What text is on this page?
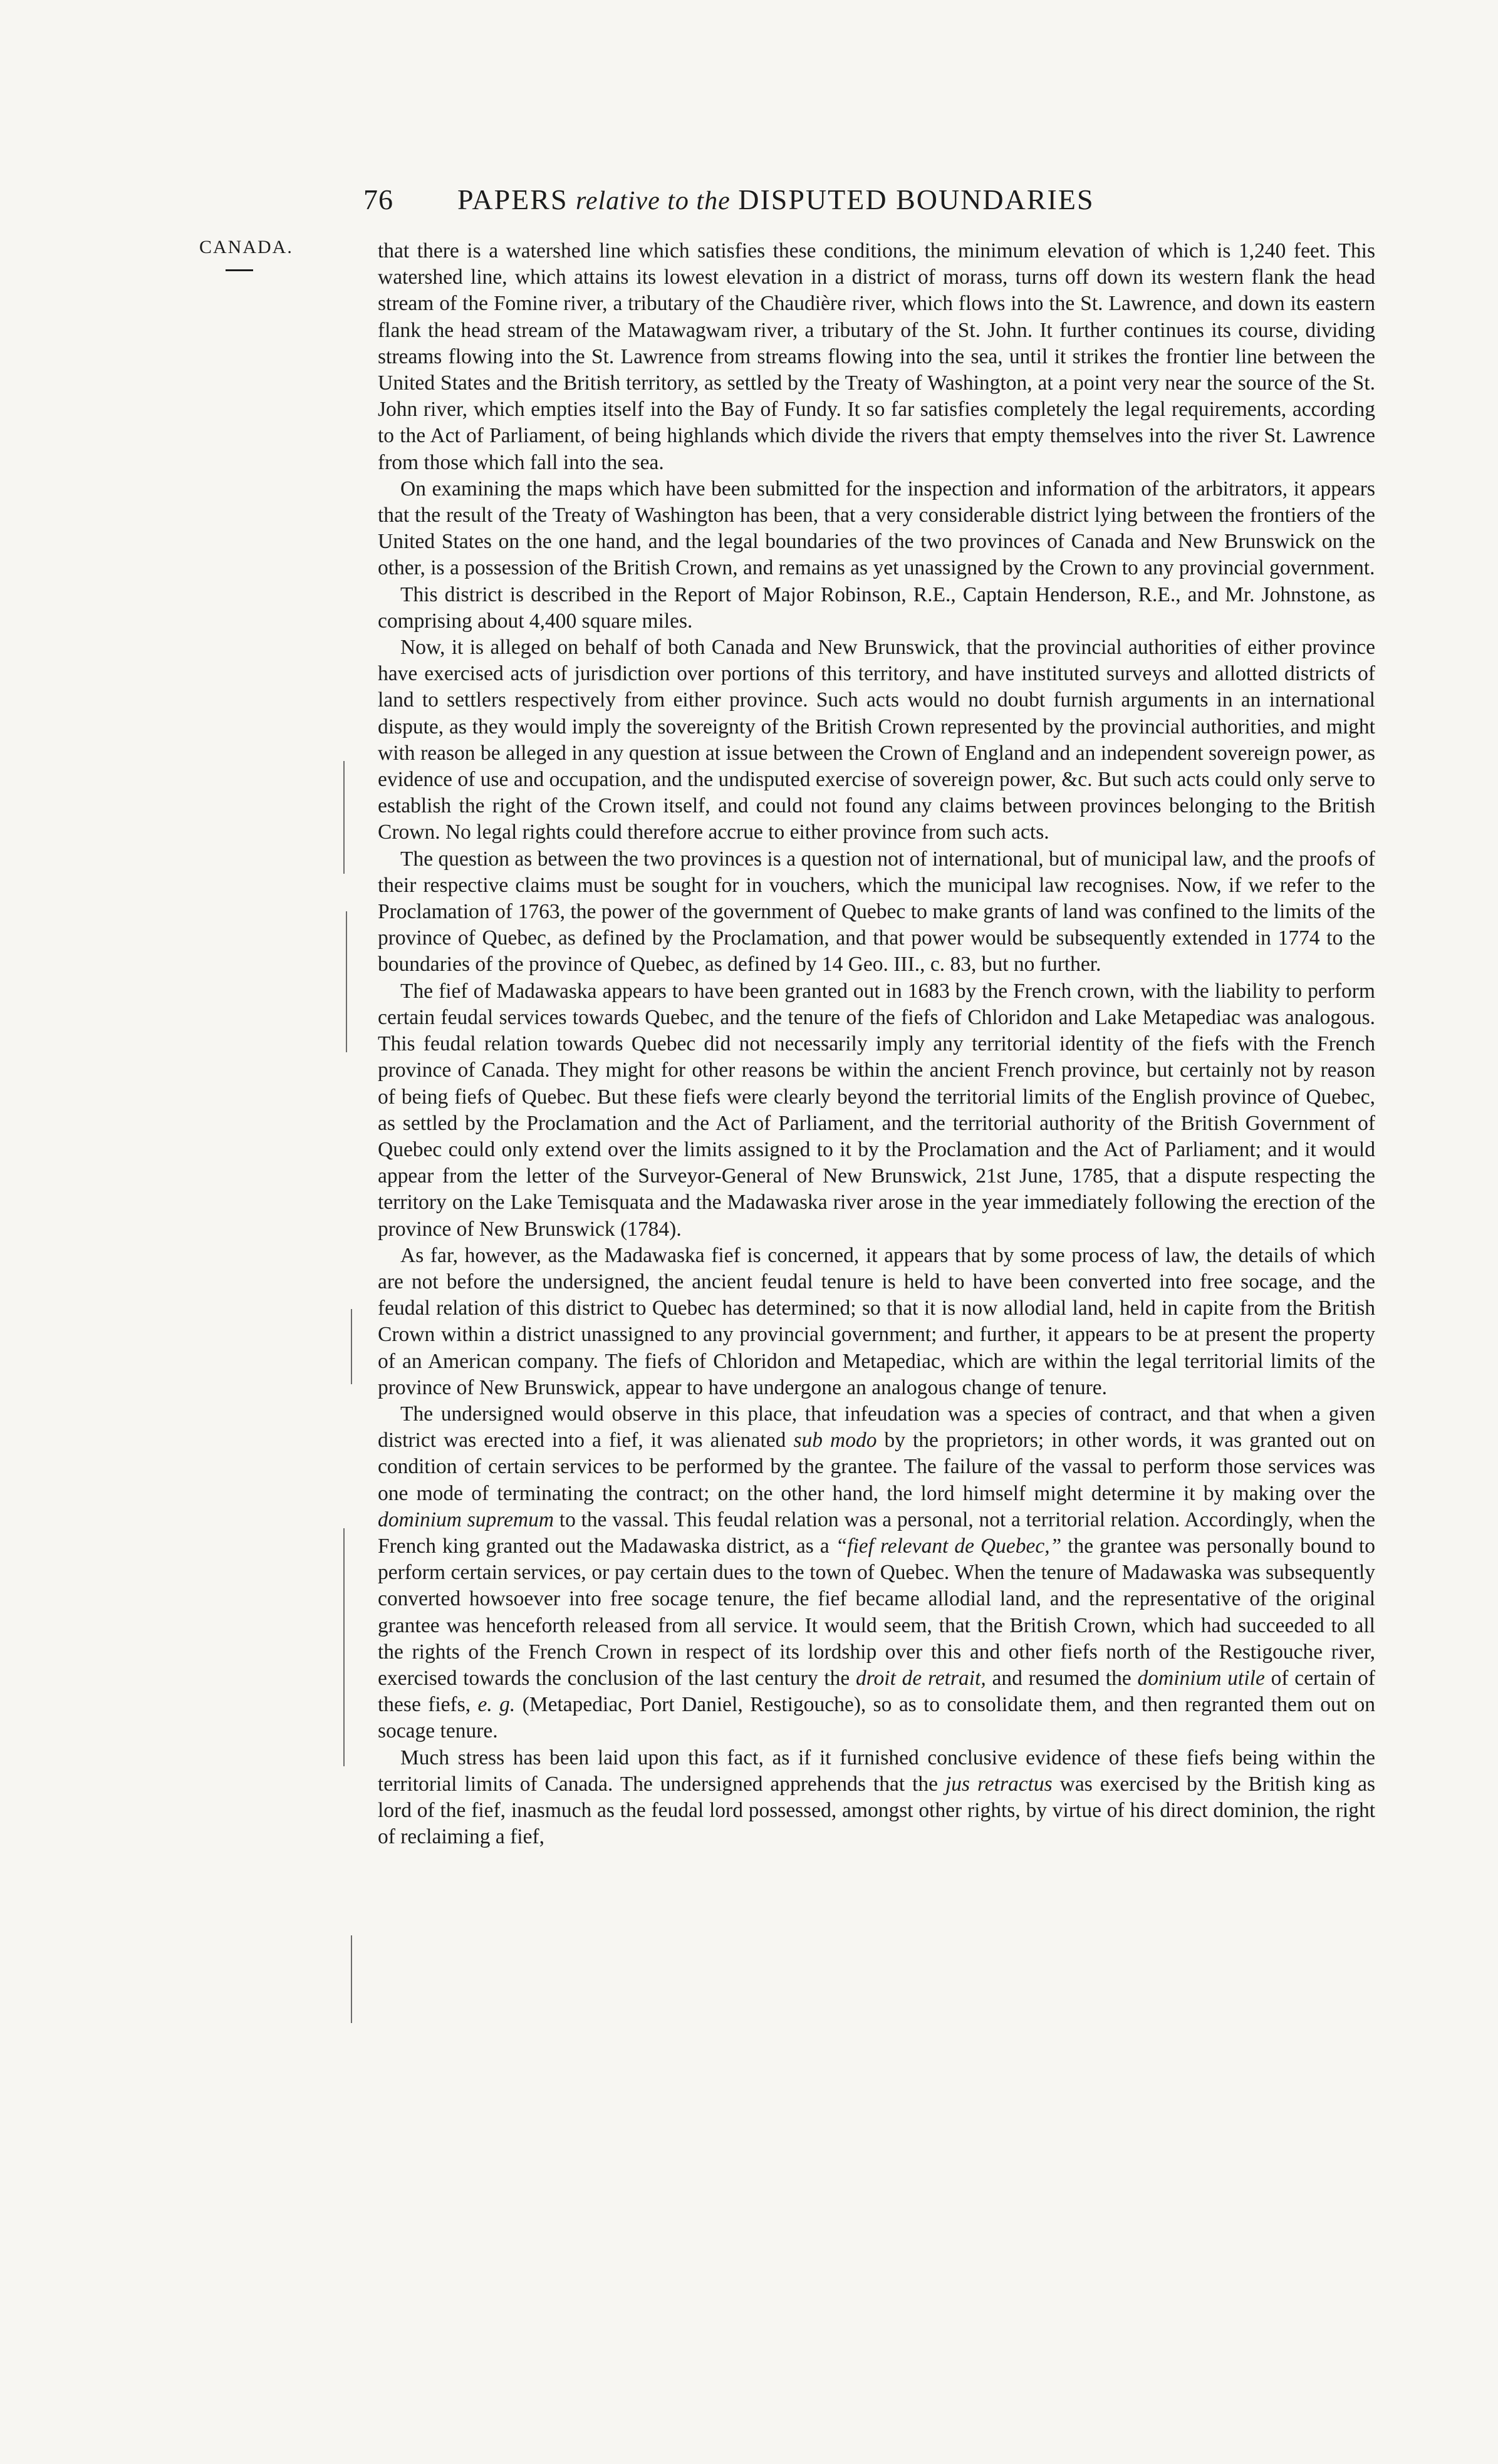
76 PAPERS relative to the DISPUTED BOUNDARIES
CANADA.	that there is a watershed line which satisfies these conditions, the minimum elevation of which is 1,240 feet. This watershed line, which attains its lowest elevation in a district of morass, turns off down its western flank the head stream of the Fomine river, a tributary of the Chaudière river, which flows into the St. Lawrence, and down its eastern flank the head stream of the Matawagwam river, a tributary of the St. John. It further continues its course, dividing streams flowing into the St. Lawrence from streams flowing into the sea, until it strikes the frontier line between the United States and the British territory, as settled by the Treaty of Washington, at a point very near the source of the St. John river, which empties itself into the Bay of Fundy. It so far satisfies completely the legal requirements, according to the Act of Parliament, of being highlands which divide the rivers that empty themselves into the river St. Lawrence from those which fall into the sea.

On examining the maps which have been submitted for the inspection and information of the arbitrators, it appears that the result of the Treaty of Washington has been, that a very considerable district lying between the frontiers of the United States on the one hand, and the legal boundaries of the two provinces of Canada and New Brunswick on the other, is a possession of the British Crown, and remains as yet unassigned by the Crown to any provincial government.

This district is described in the Report of Major Robinson, R.E., Captain Henderson, R.E., and Mr. Johnstone, as comprising about 4,400 square miles.

Now, it is alleged on behalf of both Canada and New Brunswick, that the provincial authorities of either province have exercised acts of jurisdiction over portions of this territory, and have instituted surveys and allotted districts of land to settlers respectively from either province. Such acts would no doubt furnish arguments in an international dispute, as they would imply the sovereignty of the British Crown represented by the provincial authorities, and might with reason be alleged in any question at issue between the Crown of England and an independent sovereign power, as evidence of use and occupation, and the undisputed exercise of sovereign power, &c. But such acts could only serve to establish the right of the Crown itself, and could not found any claims between provinces belonging to the British Crown. No legal rights could therefore accrue to either province from such acts.

The question as between the two provinces is a question not of international, but of municipal law, and the proofs of their respective claims must be sought for in vouchers, which the municipal law recognises. Now, if we refer to the Proclamation of 1763, the power of the government of Quebec to make grants of land was confined to the limits of the province of Quebec, as defined by the Proclamation, and that power would be subsequently extended in 1774 to the boundaries of the province of Quebec, as defined by 14 Geo. III., c. 83, but no further.

The fief of Madawaska appears to have been granted out in 1683 by the French crown, with the liability to perform certain feudal services towards Quebec, and the tenure of the fiefs of Chloridon and Lake Metapediac was analogous. This feudal relation towards Quebec did not necessarily imply any territorial identity of the fiefs with the French province of Canada. They might for other reasons be within the ancient French province, but certainly not by reason of being fiefs of Quebec. But these fiefs were clearly beyond the territorial limits of the English province of Quebec, as settled by the Proclamation and the Act of Parliament, and the territorial authority of the British Government of Quebec could only extend over the limits assigned to it by the Proclamation and the Act of Parliament; and it would appear from the letter of the Surveyor-General of New Brunswick, 21st June, 1785, that a dispute respecting the territory on the Lake Temisquata and the Madawaska river arose in the year immediately following the erection of the province of New Brunswick (1784).

As far, however, as the Madawaska fief is concerned, it appears that by some process of law, the details of which are not before the undersigned, the ancient feudal tenure is held to have been converted into free socage, and the feudal relation of this district to Quebec has determined; so that it is now allodial land, held in capite from the British Crown within a district unassigned to any provincial government; and further, it appears to be at present the property of an American company. The fiefs of Chloridon and Metapediac, which are within the legal territorial limits of the province of New Brunswick, appear to have undergone an analogous change of tenure.

The undersigned would observe in this place, that infeudation was a species of contract, and that when a given district was erected into a fief, it was alienated sub modo by the proprietors; in other words, it was granted out on condition of certain services to be performed by the grantee. The failure of the vassal to perform those services was one mode of terminating the contract; on the other hand, the lord himself might determine it by making over the dominium supremum to the vassal. This feudal relation was a personal, not a territorial relation. Accordingly, when the French king granted out the Madawaska district, as a “fief relevant de Quebec,” the grantee was personally bound to perform certain services, or pay certain dues to the town of Quebec. When the tenure of Madawaska was subsequently converted howsoever into free socage tenure, the fief became allodial land, and the representative of the original grantee was henceforth released from all service. It would seem, that the British Crown, which had succeeded to all the rights of the French Crown in respect of its lordship over this and other fiefs north of the Restigouche river, exercised towards the conclusion of the last century the droit de retrait, and resumed the dominium utile of certain of these fiefs, e. g. (Metapediac, Port Daniel, Restigouche), so as to consolidate them, and then regranted them out on socage tenure.

Much stress has been laid upon this fact, as if it furnished conclusive evidence of these fiefs being within the territorial limits of Canada. The undersigned apprehends that the jus retractus was exercised by the British king as lord of the fief, inasmuch as the feudal lord possessed, amongst other rights, by virtue of his direct dominion, the right of reclaiming a fief,
